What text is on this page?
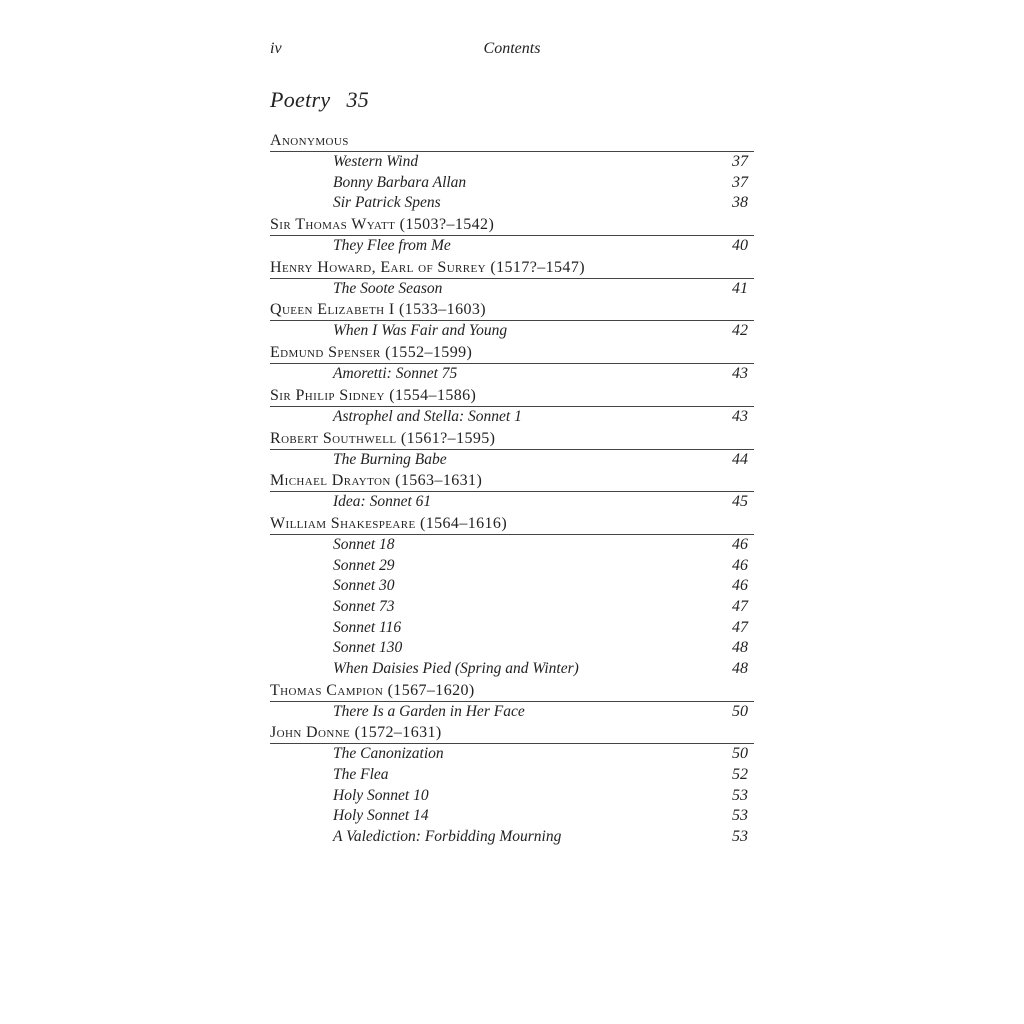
iv	Contents
Poetry 35
Anonymous
Western Wind	37
Bonny Barbara Allan	37
Sir Patrick Spens	38
Sir Thomas Wyatt (1503?–1542)
They Flee from Me	40
Henry Howard, Earl of Surrey (1517?–1547)
The Soote Season	41
Queen Elizabeth I (1533–1603)
When I Was Fair and Young	42
Edmund Spenser (1552–1599)
Amoretti: Sonnet 75	43
Sir Philip Sidney (1554–1586)
Astrophel and Stella: Sonnet 1	43
Robert Southwell (1561?–1595)
The Burning Babe	44
Michael Drayton (1563–1631)
Idea: Sonnet 61	45
William Shakespeare (1564–1616)
Sonnet 18	46
Sonnet 29	46
Sonnet 30	46
Sonnet 73	47
Sonnet 116	47
Sonnet 130	48
When Daisies Pied (Spring and Winter)	48
Thomas Campion (1567–1620)
There Is a Garden in Her Face	50
John Donne (1572–1631)
The Canonization	50
The Flea	52
Holy Sonnet 10	53
Holy Sonnet 14	53
A Valediction: Forbidding Mourning	53
